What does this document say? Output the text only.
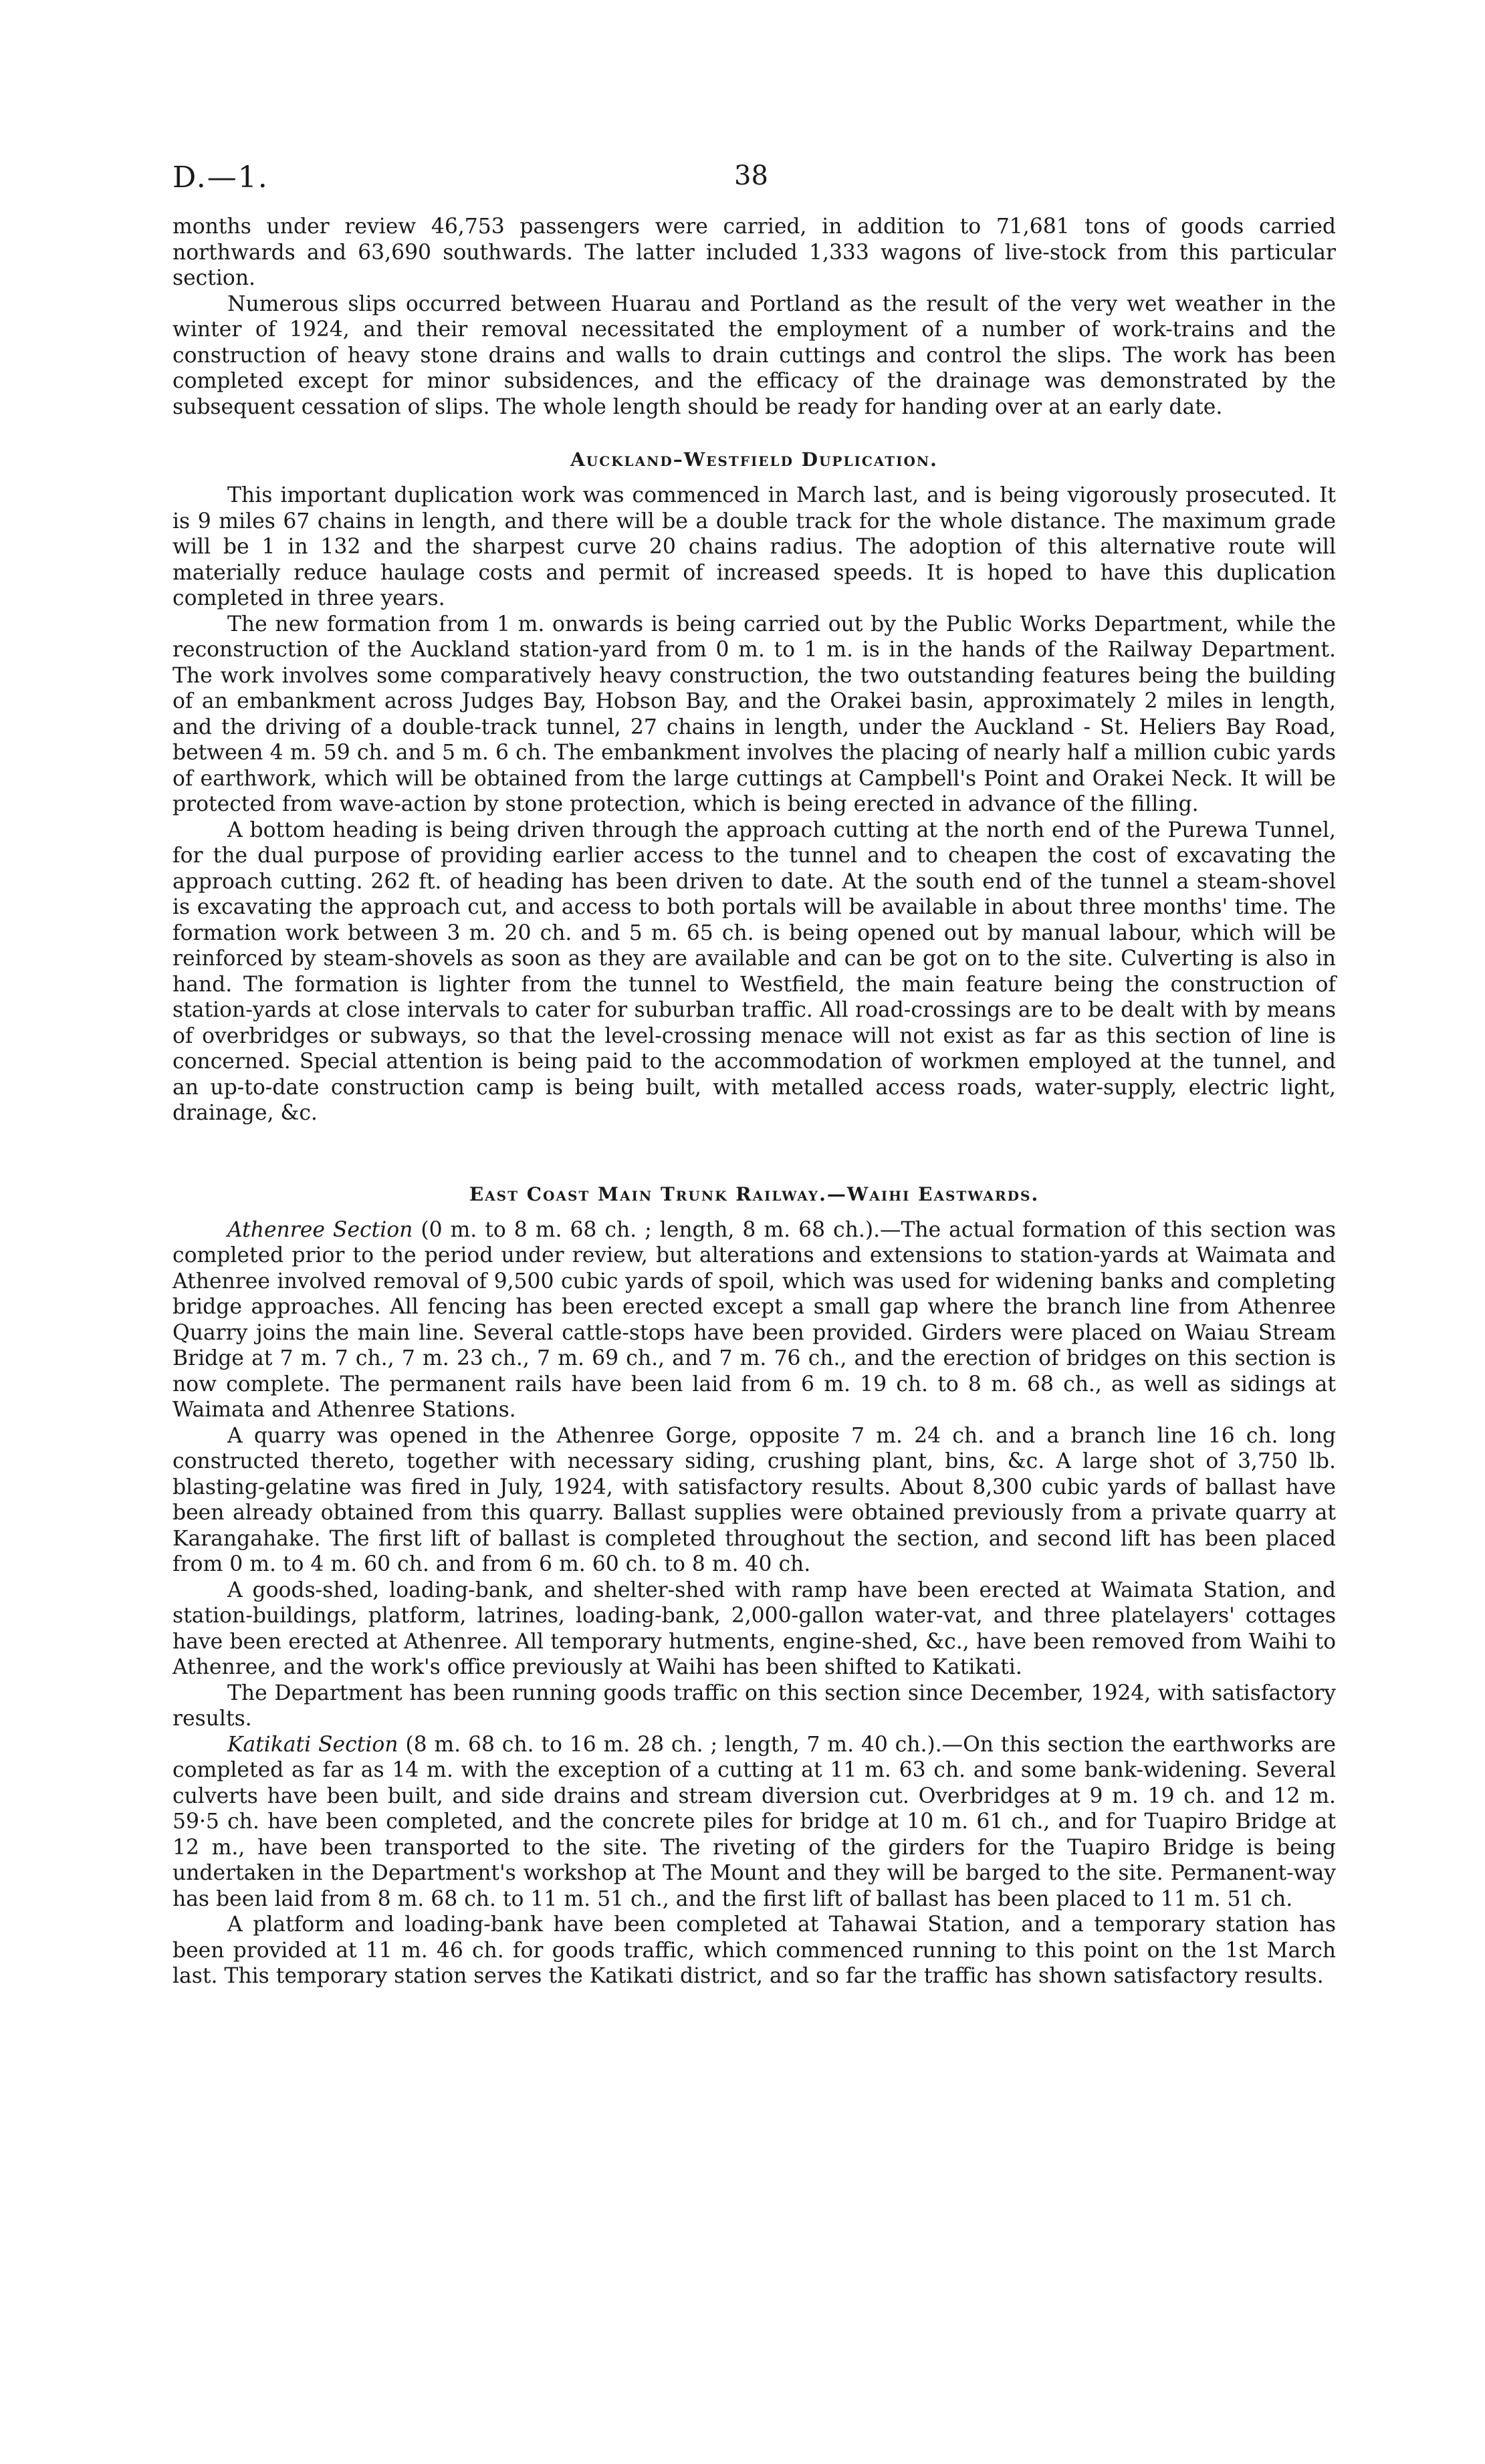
D.—1.	38

months under review 46,753 passengers were carried, in addition to 71,681 tons of goods carried northwards and 63,690 southwards. The latter included 1,333 wagons of live-stock from this particular section.

Numerous slips occurred between Huarau and Portland as the result of the very wet weather in the winter of 1924, and their removal necessitated the employment of a number of work-trains and the construction of heavy stone drains and walls to drain cuttings and control the slips. The work has been completed except for minor subsidences, and the efficacy of the drainage was demonstrated by the subsequent cessation of slips. The whole length should be ready for handing over at an early date.

Auckland–Westfield Duplication.

This important duplication work was commenced in March last, and is being vigorously prosecuted. It is 9 miles 67 chains in length, and there will be a double track for the whole distance. The maximum grade will be 1 in 132 and the sharpest curve 20 chains radius. The adoption of this alternative route will materially reduce haulage costs and permit of increased speeds. It is hoped to have this duplication completed in three years.

The new formation from 1 m. onwards is being carried out by the Public Works Department, while the reconstruction of the Auckland station-yard from 0 m. to 1 m. is in the hands of the Railway Department. The work involves some comparatively heavy construction, the two outstanding features being the building of an embankment across Judges Bay, Hobson Bay, and the Orakei basin, approximately 2 miles in length, and the driving of a double-track tunnel, 27 chains in length, under the Auckland - St. Heliers Bay Road, between 4 m. 59 ch. and 5 m. 6 ch. The embankment involves the placing of nearly half a million cubic yards of earthwork, which will be obtained from the large cuttings at Campbell's Point and Orakei Neck. It will be protected from wave-action by stone protection, which is being erected in advance of the filling.

A bottom heading is being driven through the approach cutting at the north end of the Purewa Tunnel, for the dual purpose of providing earlier access to the tunnel and to cheapen the cost of excavating the approach cutting. 262 ft. of heading has been driven to date. At the south end of the tunnel a steam-shovel is excavating the approach cut, and access to both portals will be available in about three months' time. The formation work between 3 m. 20 ch. and 5 m. 65 ch. is being opened out by manual labour, which will be reinforced by steam-shovels as soon as they are available and can be got on to the site. Culverting is also in hand. The formation is lighter from the tunnel to Westfield, the main feature being the construction of station-yards at close intervals to cater for suburban traffic. All road-crossings are to be dealt with by means of overbridges or subways, so that the level-crossing menace will not exist as far as this section of line is concerned. Special attention is being paid to the accommodation of workmen employed at the tunnel, and an up-to-date construction camp is being built, with metalled access roads, water-supply, electric light, drainage, &c.

East Coast Main Trunk Railway.—Waihi Eastwards.

Athenree Section (0 m. to 8 m. 68 ch. ; length, 8 m. 68 ch.).—The actual formation of this section was completed prior to the period under review, but alterations and extensions to station-yards at Waimata and Athenree involved removal of 9,500 cubic yards of spoil, which was used for widening banks and completing bridge approaches. All fencing has been erected except a small gap where the branch line from Athenree Quarry joins the main line. Several cattle-stops have been provided. Girders were placed on Waiau Stream Bridge at 7 m. 7 ch., 7 m. 23 ch., 7 m. 69 ch., and 7 m. 76 ch., and the erection of bridges on this section is now complete. The permanent rails have been laid from 6 m. 19 ch. to 8 m. 68 ch., as well as sidings at Waimata and Athenree Stations.

A quarry was opened in the Athenree Gorge, opposite 7 m. 24 ch. and a branch line 16 ch. long constructed thereto, together with necessary siding, crushing plant, bins, &c. A large shot of 3,750 lb. blasting-gelatine was fired in July, 1924, with satisfactory results. About 8,300 cubic yards of ballast have been already obtained from this quarry. Ballast supplies were obtained previously from a private quarry at Karangahake. The first lift of ballast is completed throughout the section, and second lift has been placed from 0 m. to 4 m. 60 ch. and from 6 m. 60 ch. to 8 m. 40 ch.

A goods-shed, loading-bank, and shelter-shed with ramp have been erected at Waimata Station, and station-buildings, platform, latrines, loading-bank, 2,000-gallon water-vat, and three platelayers' cottages have been erected at Athenree. All temporary hutments, engine-shed, &c., have been removed from Waihi to Athenree, and the work's office previously at Waihi has been shifted to Katikati.

The Department has been running goods traffic on this section since December, 1924, with satisfactory results.

Katikati Section (8 m. 68 ch. to 16 m. 28 ch. ; length, 7 m. 40 ch.).—On this section the earthworks are completed as far as 14 m. with the exception of a cutting at 11 m. 63 ch. and some bank-widening. Several culverts have been built, and side drains and stream diversion cut. Overbridges at 9 m. 19 ch. and 12 m. 59·5 ch. have been completed, and the concrete piles for bridge at 10 m. 61 ch., and for Tuapiro Bridge at 12 m., have been transported to the site. The riveting of the girders for the Tuapiro Bridge is being undertaken in the Department's workshop at The Mount and they will be barged to the site. Permanent-way has been laid from 8 m. 68 ch. to 11 m. 51 ch., and the first lift of ballast has been placed to 11 m. 51 ch.

A platform and loading-bank have been completed at Tahawai Station, and a temporary station has been provided at 11 m. 46 ch. for goods traffic, which commenced running to this point on the 1st March last. This temporary station serves the Katikati district, and so far the traffic has shown satisfactory results.
